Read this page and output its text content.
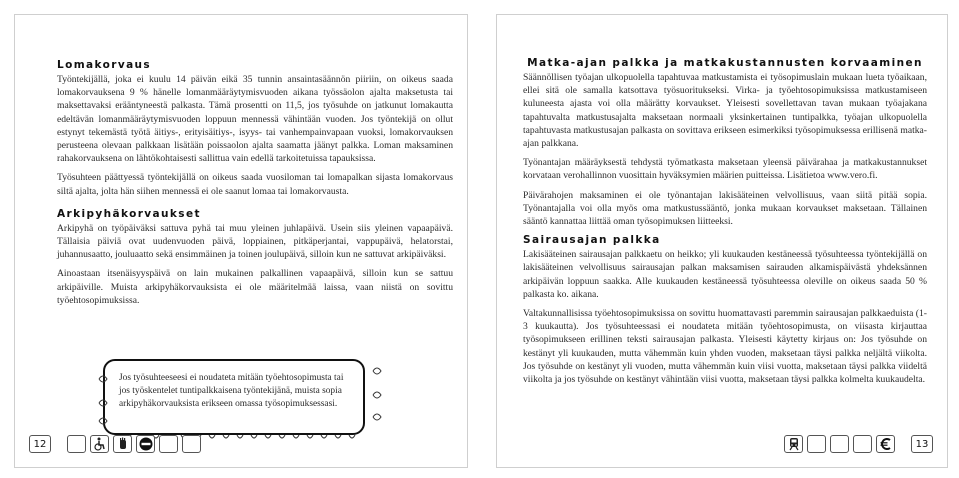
Lomakorvaus

Työntekijällä, joka ei kuulu 14 päivän eikä 35 tunnin ansaintasäännön piiriin, on oikeus saada lomakorvauksena 9 % hänelle lomanmääräytymisvuoden aikana työssäolon ajalta maksetusta tai maksettavaksi erääntyneestä palkasta. Tämä prosentti on 11,5, jos työsuhde on jatkunut lomakautta edeltävän lomanmääräytymisvuoden loppuun mennessä vähintään vuoden. Jos työntekijä on ollut estynyt tekemästä työtä äitiys-, erityisäitiys-, isyys- tai vanhempainvapaan vuoksi, lomakorvauksen perusteena olevaan palkkaan lisätään poissaolon ajalta saamatta jäänyt palkka. Loman maksaminen rahakorvauksena on lähtökohtaisesti sallittua vain edellä tarkoitetuissa tapauksissa.

Työsuhteen päättyessä työntekijällä on oikeus saada vuosiloman tai lomapalkan sijasta lomakorvaus siltä ajalta, jolta hän siihen mennessä ei ole saanut lomaa tai lomakorvausta.

Arkipyhäkorvaukset

Arkipyhä on työpäiväksi sattuva pyhä tai muu yleinen juhlapäivä. Usein siis yleinen vapaapäivä. Tällaisia päiviä ovat uudenvuoden päivä, loppiainen, pitkäperjantai, vappupäivä, helatorstai, juhannusaatto, jouluaatto sekä ensimmäinen ja toinen joulupäivä, silloin kun ne sattuvat arkipäiväksi.

Ainoastaan itsenäisyyspäivä on lain mukainen palkallinen vapaapäivä, silloin kun se sattuu arkipäiville. Muista arkipyhäkorvauksista ei ole määritelmää laissa, vaan niistä on sovittu työehtosopimuksissa.

Jos työsuhteeseesi ei noudateta mitään työehtosopimusta tai jos työskentelet tuntipalkkaisena työntekijänä, muista sopia arkipyhäkorvauksista erikseen omassa työsopimuksessasi.

12
Matka-ajan palkka ja matkakustannusten korvaaminen

Säännöllisen työajan ulkopuolella tapahtuvaa matkustamista ei työsopimuslain mukaan lueta työaikaan, ellei sitä ole samalla katsottava työsuoritukseksi. Virka- ja työehtosopimuksissa matkustamiseen kuluneesta ajasta voi olla määrätty korvaukset. Yleisesti sovellettavan tavan mukaan työajakana tapahtuvalta matkustusajalta maksetaan normaali yksinkertainen tuntipalkka, työajan ulkopuolella tapahtuvasta matkustusajan palkasta on sovittava erikseen esimerkiksi työsopimuksessa erillisenä matka-ajan palkkana.

Työnantajan määräyksestä tehdystä työmatkasta maksetaan yleensä päivärahaa ja matkakustannukset korvataan verohallinnon vuosittain hyväksymien määrien puitteissa. Lisätietoa www.vero.fi.

Päivärahojen maksaminen ei ole työnantajan lakisääteinen velvollisuus, vaan siitä pitää sopia. Työnantajalla voi olla myös oma matkustussääntö, jonka mukaan korvaukset maksetaan. Tällainen sääntö kannattaa liittää oman työsopimuksen liitteeksi.

Sairausajan palkka

Lakisääteinen sairausajan palkkaetu on heikko; yli kuukauden kestäneessä työsuhteessa työntekijällä on lakisääteinen velvollisuus sairausajan palkan maksamisen sairauden alkamispäivästä yhdeksännen arkipäivän loppuun saakka. Alle kuukauden kestäneessä työsuhteessa oleville on oikeus saada 50 % palkasta ko. aikana.

Valtakunnallisissa työehtosopimuksissa on sovittu huomattavasti paremmin sairausajan palkkaeduista (1-3 kuukautta). Jos työsuhteessasi ei noudateta mitään työehtosopimusta, on viisasta kirjauttaa työsopimukseen erillinen teksti sairausajan palkasta. Yleisesti käytetty kirjaus on: Jos työsuhde on kestänyt yli kuukauden, mutta vähemmän kuin yhden vuoden, maksetaan täysi palkka neljältä viikolta. Jos työsuhde on kestänyt yli vuoden, mutta vähemmän kuin viisi vuotta, maksetaan täysi palkka viideltä viikolta ja jos työsuhde on kestänyt vähintään viisi vuotta, maksetaan täysi palkka kolmelta kuukaudelta.

13
